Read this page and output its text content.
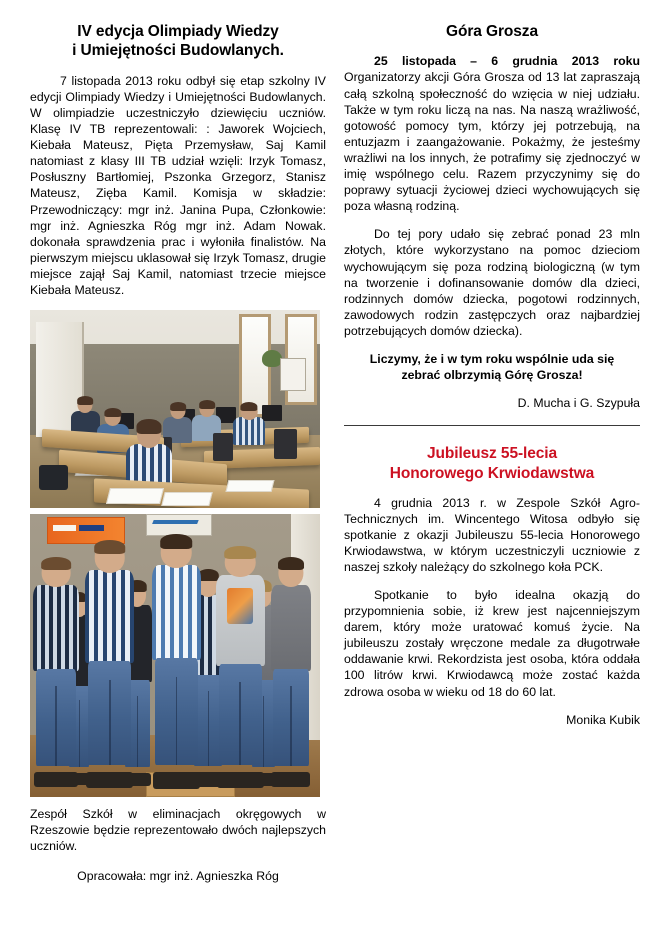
IV edycja Olimpiady Wiedzy
i Umiejętności Budowlanych.

7 listopada 2013 roku odbył się etap szkolny IV edycji Olimpiady Wiedzy i Umiejętności Budowlanych. W olimpiadzie uczestniczyło dziewięciu uczniów. Klasę IV TB reprezentowali: : Jaworek Wojciech, Kiebała Mateusz, Pięta Przemysław, Saj Kamil natomiast z klasy III TB udział wzięli: Irzyk Tomasz, Posłuszny Bartłomiej, Pszonka Grzegorz, Stanisz Mateusz, Zięba Kamil. Komisja w składzie: Przewodniczący: mgr inż. Janina Pupa, Członkowie: mgr inż. Agnieszka Róg mgr inż. Adam Nowak. dokonała sprawdzenia prac i wyłoniła finalistów. Na pierwszym miejscu uklasował się Irzyk Tomasz, drugie miejsce zajął Saj Kamil, natomiast trzecie miejsce Kiebała Mateusz.

Zespół Szkół w eliminacjach okręgowych w Rzeszowie będzie reprezentowało dwóch najlepszych uczniów.

Opracowała: mgr inż. Agnieszka Róg

Góra Grosza

25 listopada – 6 grudnia 2013 roku Organizatorzy akcji Góra Grosza od 13 lat zapraszają całą szkolną społeczność do wzięcia w niej udziału. Także w tym roku liczą na nas. Na naszą wrażliwość, gotowość pomocy tym, którzy jej potrzebują, na entuzjazm i zaangażowanie. Pokażmy, że jesteśmy wrażliwi na los innych, że potrafimy się zjednoczyć w imię wspólnego celu. Razem przyczynimy się do poprawy sytuacji życiowej dzieci wychowujących się poza własną rodziną.

Do tej pory udało się zebrać ponad 23 mln złotych, które wykorzystano na pomoc dzieciom wychowującym się poza rodziną biologiczną (w tym na tworzenie i dofinansowanie domów dla dzieci, rodzinnych domów dziecka, pogotowi rodzinnych, zawodowych rodzin zastępczych oraz najbardziej potrzebujących domów dziecka).

Liczymy, że i w tym roku wspólnie uda się
zebrać olbrzymią Górę Grosza!

D. Mucha i G. Szypuła

Jubileusz 55-lecia
Honorowego Krwiodawstwa

4 grudnia 2013 r. w Zespole Szkół Agro-Technicznych im. Wincentego Witosa odbyło się spotkanie z okazji Jubileuszu 55-lecia Honorowego Krwiodawstwa, w którym uczestniczyli uczniowie z naszej szkoły należący do szkolnego koła PCK.

Spotkanie to było idealna okazją do przypomnienia sobie, iż krew jest najcenniejszym darem, który może uratować komuś życie. Na jubileuszu zostały wręczone medale za długotrwałe oddawanie krwi. Rekordzista jest osoba, która oddała 100 litrów krwi. Krwiodawcą może zostać każda zdrowa osoba w wieku od 18 do 60 lat.

Monika Kubik
